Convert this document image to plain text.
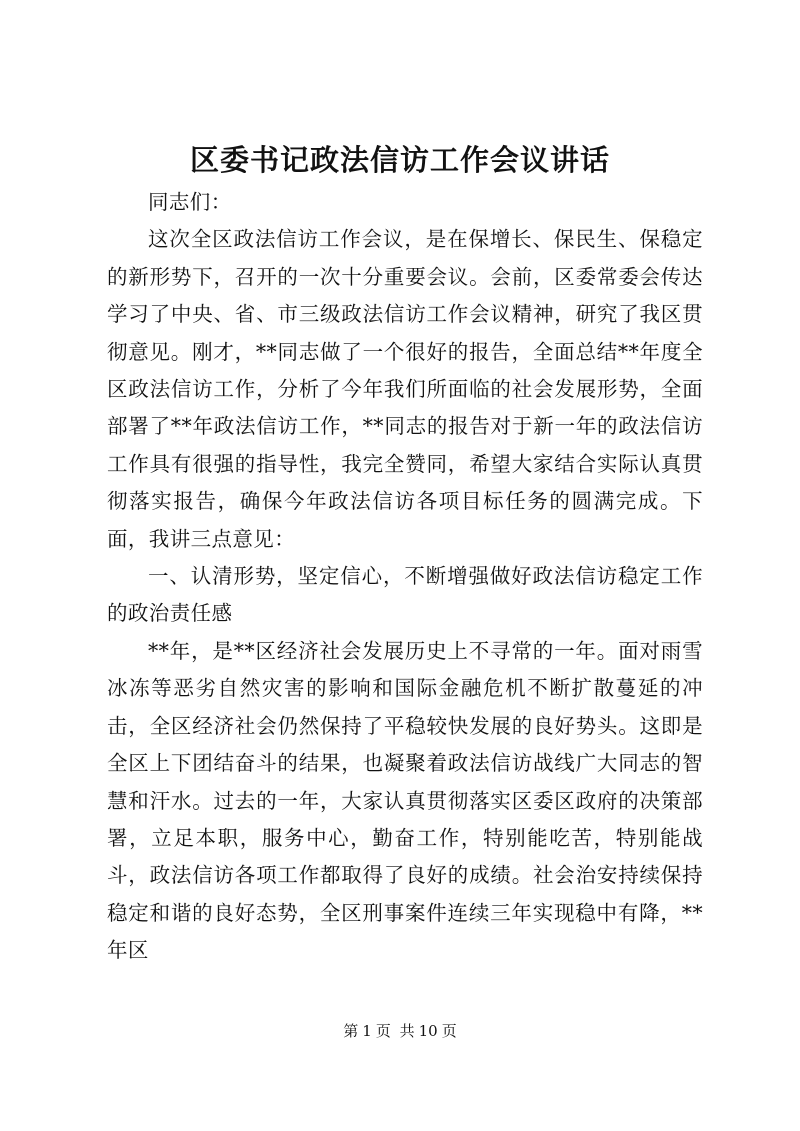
区委书记政法信访工作会议讲话

同志们：

这次全区政法信访工作会议，是在保增长、保民生、保稳定的新形势下，召开的一次十分重要会议。会前，区委常委会传达学习了中央、省、市三级政法信访工作会议精神，研究了我区贯彻意见。刚才，**同志做了一个很好的报告，全面总结**年度全区政法信访工作，分析了今年我们所面临的社会发展形势，全面部署了**年政法信访工作，**同志的报告对于新一年的政法信访工作具有很强的指导性，我完全赞同，希望大家结合实际认真贯彻落实报告，确保今年政法信访各项目标任务的圆满完成。下面，我讲三点意见：

一、认清形势，坚定信心，不断增强做好政法信访稳定工作的政治责任感

**年，是**区经济社会发展历史上不寻常的一年。面对雨雪冰冻等恶劣自然灾害的影响和国际金融危机不断扩散蔓延的冲击，全区经济社会仍然保持了平稳较快发展的良好势头。这即是全区上下团结奋斗的结果，也凝聚着政法信访战线广大同志的智慧和汗水。过去的一年，大家认真贯彻落实区委区政府的决策部署，立足本职，服务中心，勤奋工作，特别能吃苦，特别能战斗，政法信访各项工作都取得了良好的成绩。社会治安持续保持稳定和谐的良好态势，全区刑事案件连续三年实现稳中有降，**年区

第 1 页 共 10 页
